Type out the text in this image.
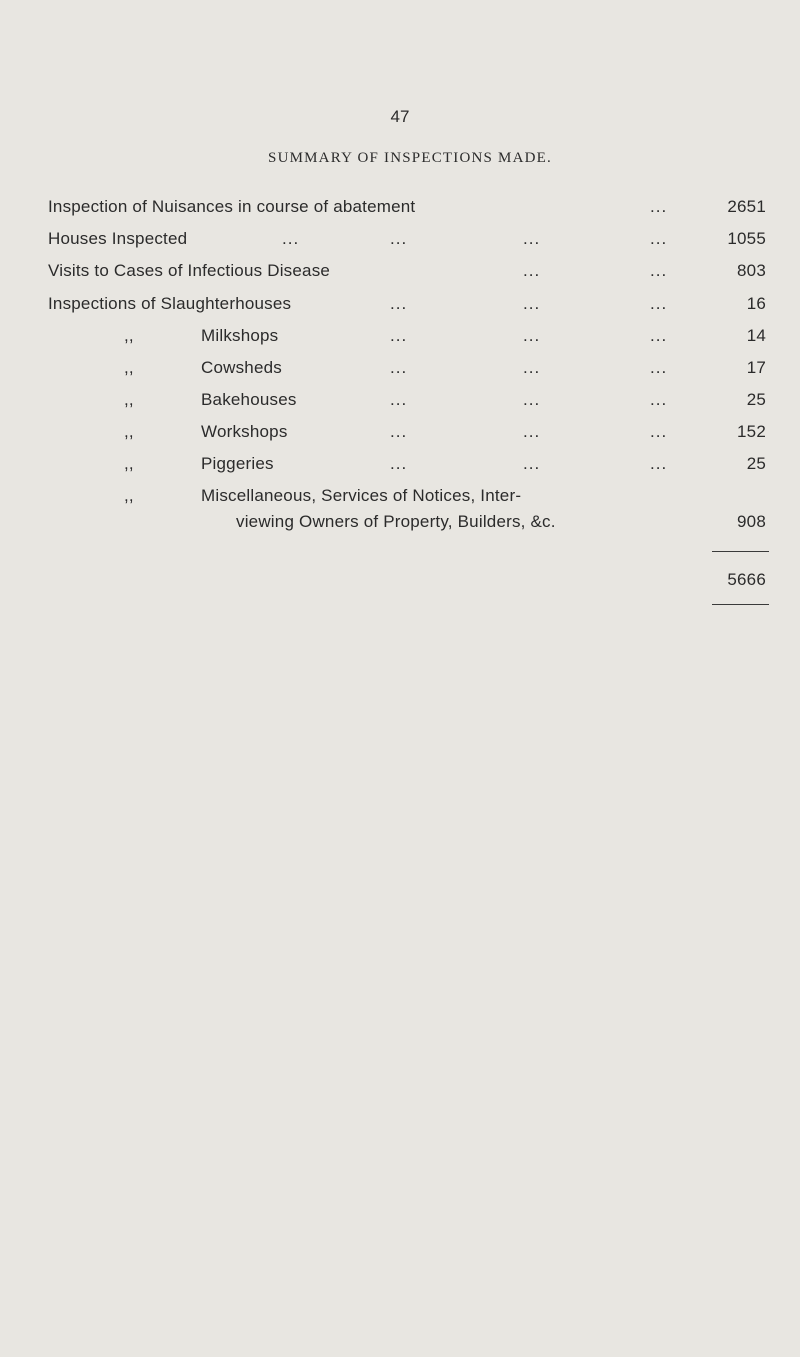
47
SUMMARY OF INSPECTIONS MADE.
Inspection of Nuisances in course of abatement	...	2651
Houses Inspected	...	...	...	...	1055
Visits to Cases of Infectious Disease	...	...	803
Inspections of Slaughterhouses	...	...	...	16
,,	Milkshops	...	...	...	14
,,	Cowsheds	...	...	...	17
,,	Bakehouses	...	...	...	25
,,	Workshops	...	...	...	152
,,	Piggeries	...	...	...	25
,,	Miscellaneous, Services of Notices, Inter-
viewing Owners of Property, Builders, &c.	908
5666
